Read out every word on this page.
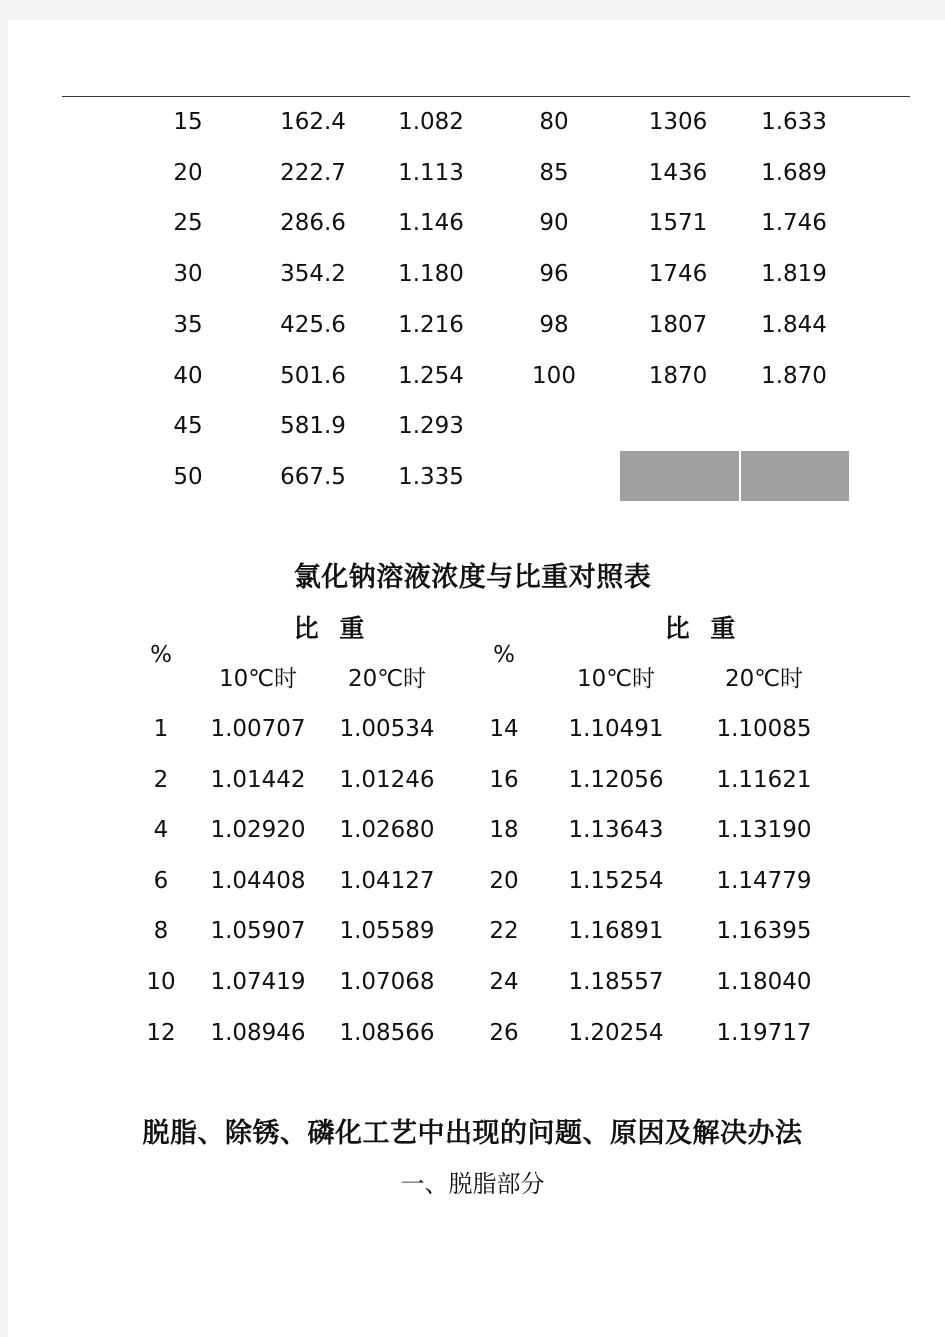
15	162.4 1.082	80	1306 1.633
20	222.7 1.113	85	1436 1.689
25	286.6 1.146	90	1571 1.746
30	354.2 1.180	96	1746 1.819
35	425.6 1.216	98	1807 1.844
40	501.6 1.254	100	1870 1.870
45	581.9 1.293
50	667.5 1.335
氯化钠溶液浓度与比重对照表
比 重	比 重
%	%
10℃时 20℃时	10℃时	20℃时
1 1.00707 1.00534 14 1.10491 1.10085
2 1.01442 1.01246 16 1.12056 1.11621
4 1.02920 1.02680 18 1.13643 1.13190
6 1.04408 1.04127 20 1.15254 1.14779
8 1.05907 1.05589 22 1.16891 1.16395
10 1.07419 1.07068 24 1.18557 1.18040
12 1.08946 1.08566 26 1.20254 1.19717
脱脂、除锈、磷化工艺中出现的问题、原因及解决办法
一、脱脂部分
